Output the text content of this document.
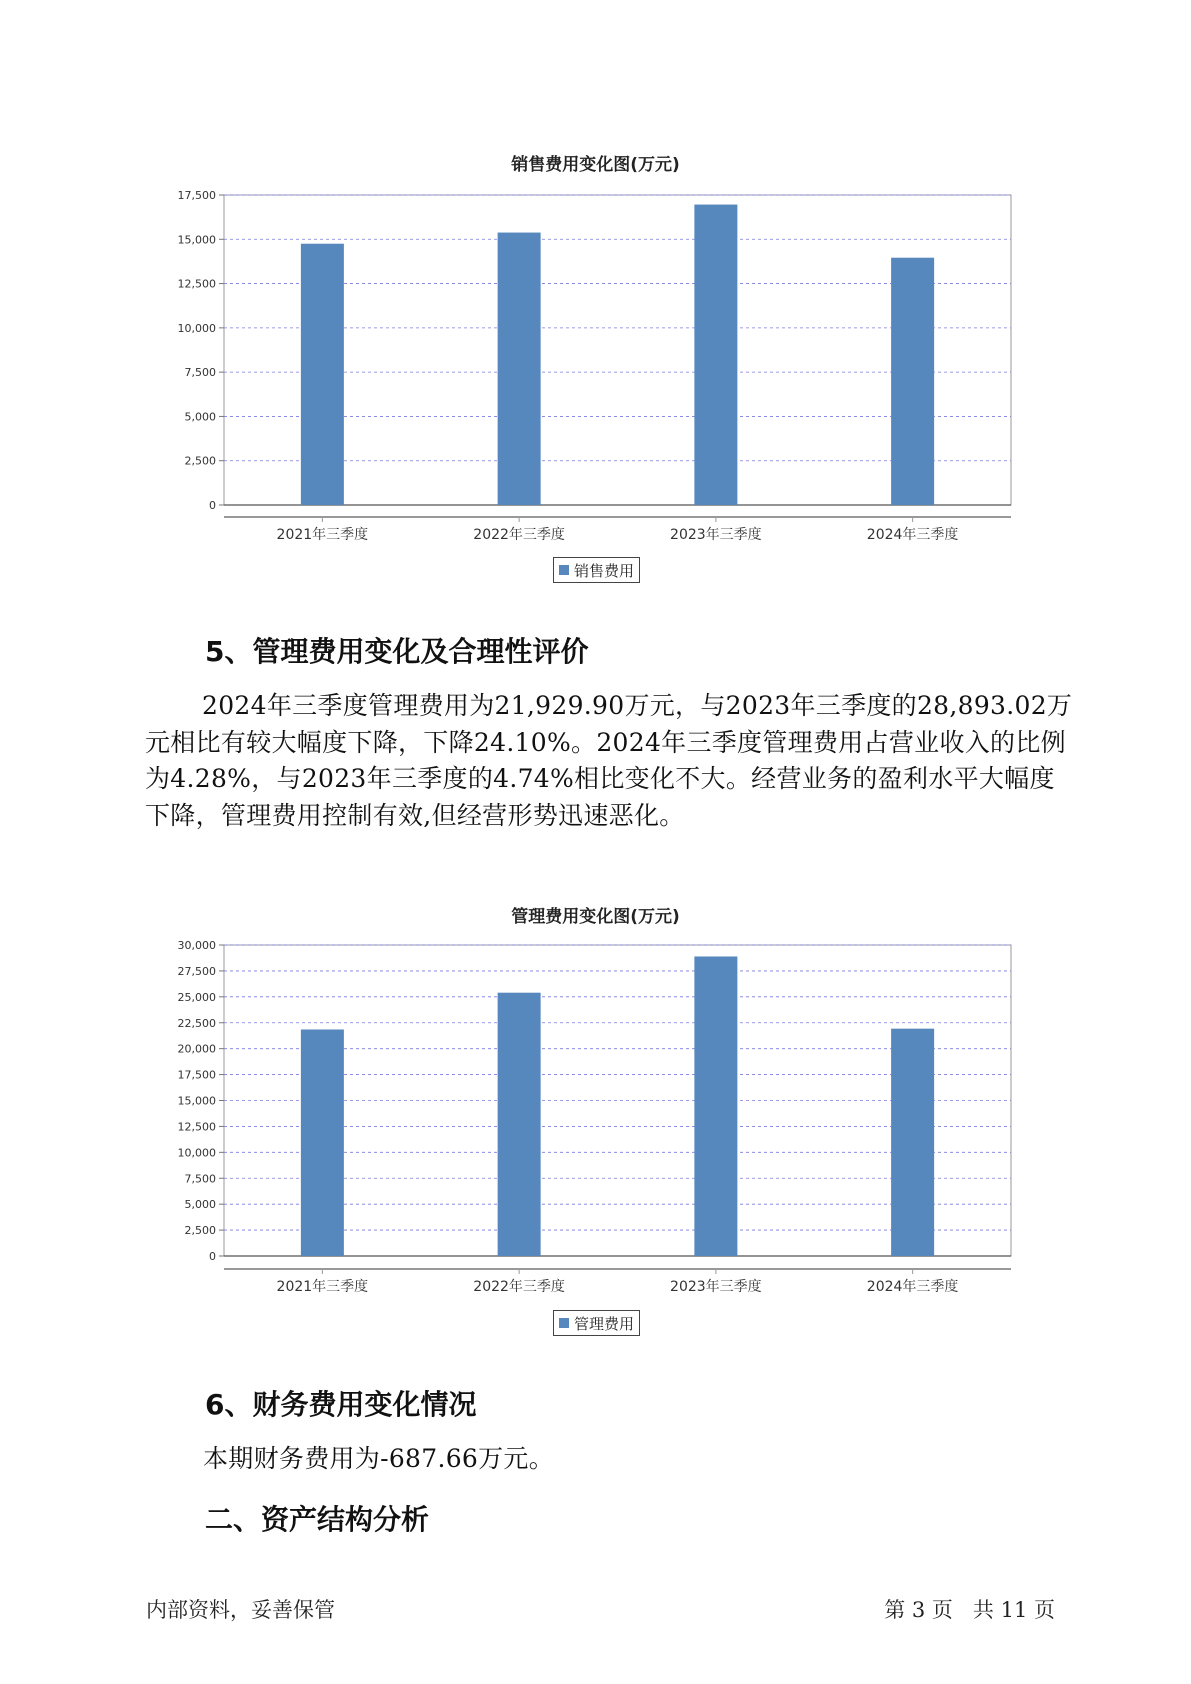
销售费用变化图(万元)
0
2,500
5,000
7,500
10,000
12,500
15,000
17,500
2021年三季度	2022年三季度	2023年三季度	2024年三季度
销售费用
5、管理费用变化及合理性评价
2024年三季度管理费用为21,929.90万元，与2023年三季度的28,893.02万元相比有较大幅度下降，下降24.10%。2024年三季度管理费用占营业收入的比例为4.28%，与2023年三季度的4.74%相比变化不大。经营业务的盈利水平大幅度下降，管理费用控制有效,但经营形势迅速恶化。
管理费用变化图(万元)
0
2,500
5,000
7,500
10,000
12,500
15,000
17,500
20,000
22,500
25,000
27,500
30,000
2021年三季度	2022年三季度	2023年三季度	2024年三季度
管理费用
6、财务费用变化情况
本期财务费用为-687.66万元。
二、资产结构分析
内部资料，妥善保管	第 3 页   共 11 页
